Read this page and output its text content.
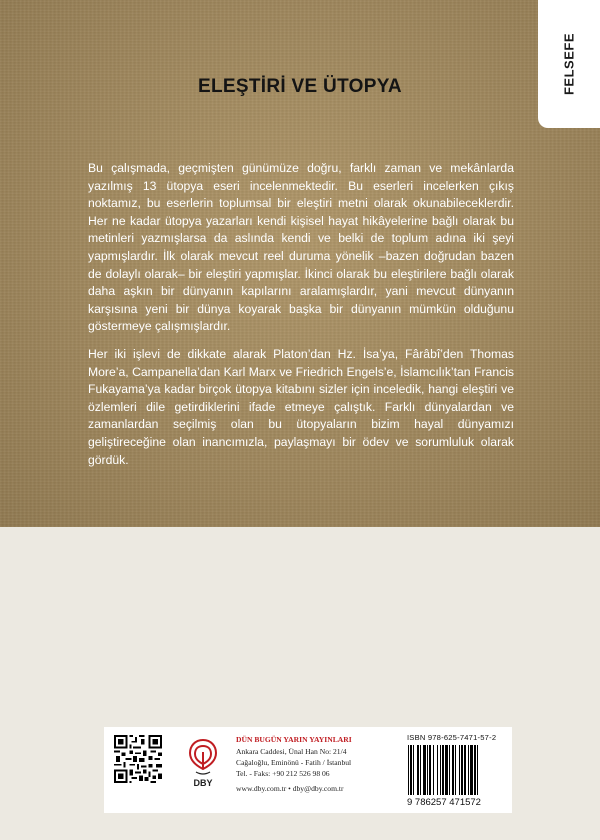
FELSEFE
ELEŞTİRİ VE ÜTOPYA

Bu çalışmada, geçmişten günümüze doğru, farklı zaman ve mekânlarda yazılmış 13 ütopya eseri incelenmektedir. Bu eserleri incelerken çıkış noktamız, bu eserlerin toplumsal bir eleştiri metni olarak okunabileceklerdir. Her ne kadar ütopya yazarları kendi kişisel hayat hikâyelerine bağlı olarak bu metinleri yazmışlarsa da aslında kendi ve belki de toplum adına iki şeyi yapmışlardır. İlk olarak mevcut reel duruma yönelik –bazen doğrudan bazen de dolaylı olarak– bir eleştiri yapmışlar. İkinci olarak bu eleştirilere bağlı olarak daha aşkın bir dünyanın kapılarını aralamışlardır, yani mevcut dünyanın karşısına yeni bir dünya koyarak başka bir dünyanın mümkün olduğunu göstermeye çalışmışlardır.

Her iki işlevi de dikkate alarak Platon’dan Hz. İsa’ya, Fârâbî’den Thomas More’a, Campanella’dan Karl Marx ve Friedrich Engels’e, İslamcılık’tan Francis Fukayama’ya kadar birçok ütopya kitabını sizler için inceledik, hangi eleştiri ve özlemleri dile getirdiklerini ifade etmeye çalıştık. Farklı dünyalardan ve zamanlardan seçilmiş olan bu ütopyaların bizim hayal dünyamızı geliştireceğine olan inancımızla, paylaşmayı bir ödev ve sorumluluk olarak gördük.

DBY
DÜN BUGÜN YARIN YAYINLARI
Ankara Caddesi, Ünal Han No: 21/4
Cağaloğlu, Eminönü - Fatih / İstanbul
Tel. - Faks: +90 212 526 98 06
www.dby.com.tr • dby@dby.com.tr
ISBN 978-625-7471-57-2
9 786257 471572
